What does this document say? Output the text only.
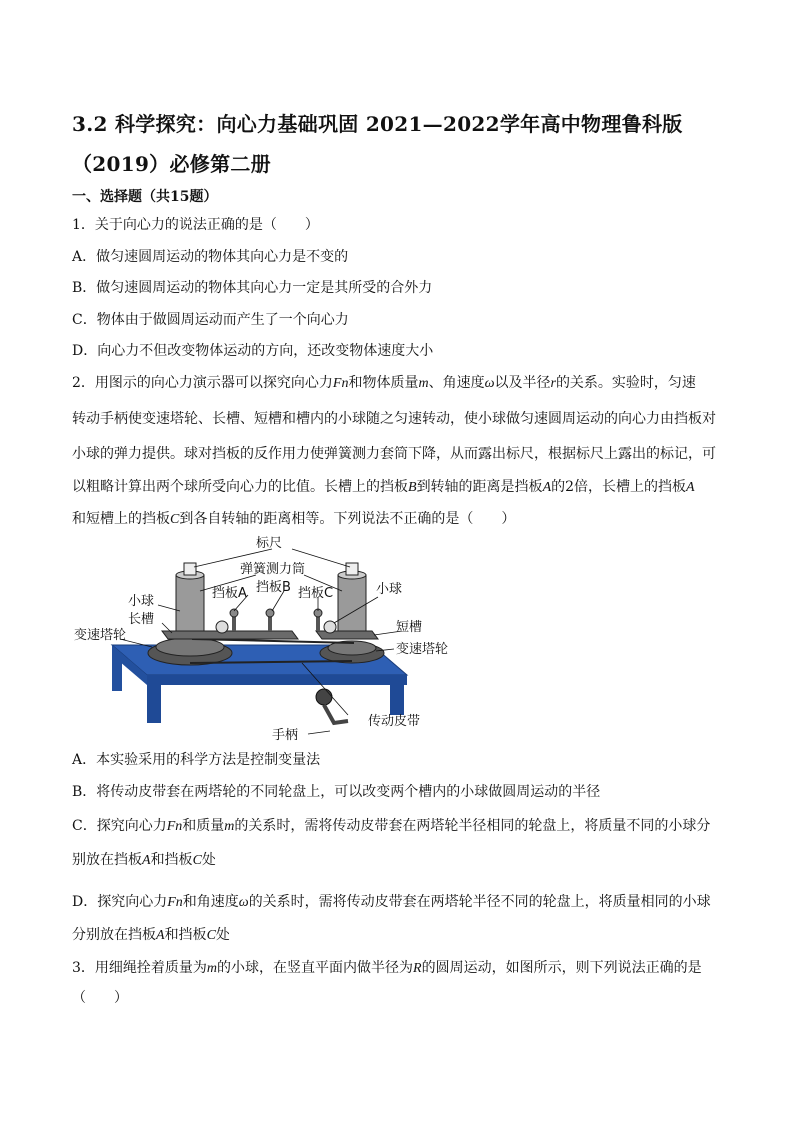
3.2 科学探究：向心力基础巩固 2021—2022学年高中物理鲁科版
（2019）必修第二册
一、选择题（共15题）
1．关于向心力的说法正确的是（　　）
A．做匀速圆周运动的物体其向心力是不变的
B．做匀速圆周运动的物体其向心力一定是其所受的合外力
C．物体由于做圆周运动而产生了一个向心力
D．向心力不但改变物体运动的方向，还改变物体速度大小
2．用图示的向心力演示器可以探究向心力Fn和物体质量m、角速度ω以及半径r的关系。实验时，匀速
转动手柄使变速塔轮、长槽、短槽和槽内的小球随之匀速转动，使小球做匀速圆周运动的向心力由挡板对
小球的弹力提供。球对挡板的反作用力使弹簧测力套筒下降，从而露出标尺，根据标尺上露出的标记，可
以粗略计算出两个球所受向心力的比值。长槽上的挡板B到转轴的距离是挡板A的2倍，长槽上的挡板A
和短槽上的挡板C到各自转轴的距离相等。下列说法不正确的是（　　）
标尺
弹簧测力筒
挡板B
挡板A	挡板C
小球
小球
长槽
变速塔轮
短槽
变速塔轮
传动皮带
手柄
A．本实验采用的科学方法是控制变量法
B．将传动皮带套在两塔轮的不同轮盘上，可以改变两个槽内的小球做圆周运动的半径
C．探究向心力Fn和质量m的关系时，需将传动皮带套在两塔轮半径相同的轮盘上，将质量不同的小球分
别放在挡板A和挡板C处
D．探究向心力Fn和角速度ω的关系时，需将传动皮带套在两塔轮半径不同的轮盘上，将质量相同的小球
分别放在挡板A和挡板C处
3．用细绳拴着质量为m的小球，在竖直平面内做半径为R的圆周运动，如图所示，则下列说法正确的是
（　　）
